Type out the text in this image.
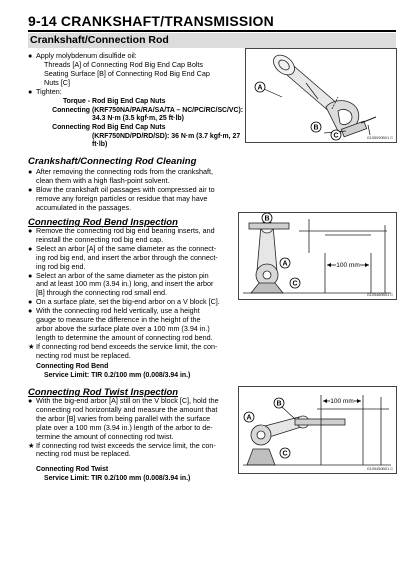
9-14 CRANKSHAFT/TRANSMISSION
Crankshaft/Connection Rod
● Apply molybdenum disulfide oil:
Threads [A] of Connecting Rod Big End Cap Bolts
Seating Surface [B] of Connecting Rod Big End Cap
Nuts [C]
● Tighten:
Torque - Connecting
Rod Big End Cap Nuts
(KRF750NA/PA/RA/SA/TA – NC/PC/RC/SC/VC):
34.3 N·m (3.5 kgf·m, 25 ft·lb)
Connecting Rod Big End Cap Nuts
(KRF750ND/PD/RD/SD): 36 N·m (3.7 kgf·m, 27
ft·lb)
A
B
C	G105090B01 C
Crankshaft/Connecting Rod Cleaning
● After removing the connecting rods from the crankshaft,
clean them with a high flash-point solvent.
● Blow the crankshaft oil passages with compressed air to
remove any foreign particles or residue that may have
accumulated in the passages.
Connecting Rod Bend Inspection
● Remove the connecting rod big end bearing inserts, and
reinstall the connecting rod big end cap.
● Select an arbor [A] of the same diameter as the connect-
ing rod big end, and insert the arbor through the connect-
ing rod big end.
● Select an arbor of the same diameter as the piston pin
and at least 100 mm (3.94 in.) long, and insert the arbor
[B] through the connecting rod small end.
● On a surface plate, set the big-end arbor on a V block [C].
● With the connecting rod held vertically, use a height
gauge to measure the difference in the height of the
arbor above the surface plate over a 100 mm (3.94 in.)
length to determine the amount of connecting rod bend.
★ If connecting rod bend exceeds the service limit, the con-
necting rod must be replaced.
Connecting Rod Bend
Service Limit: TIR 0.2/100 mm (0.008/3.94 in.)
100 mm
B
A
C
G105480B01 C
Connecting Rod Twist Inspection
● With the big-end arbor [A] still on the V block [C], hold the
connecting rod horizontally and measure the amount that
the arbor [B] varies from being parallel with the surface
plate over a 100 mm (3.94 in.) length of the arbor to de-
termine the amount of connecting rod twist.
★ If connecting rod twist exceeds the service limit, the con-
necting rod must be replaced.
Connecting Rod Twist
Service Limit: TIR 0.2/100 mm (0.008/3.94 in.)
100 mm
B
A
C
G105450B01 C
